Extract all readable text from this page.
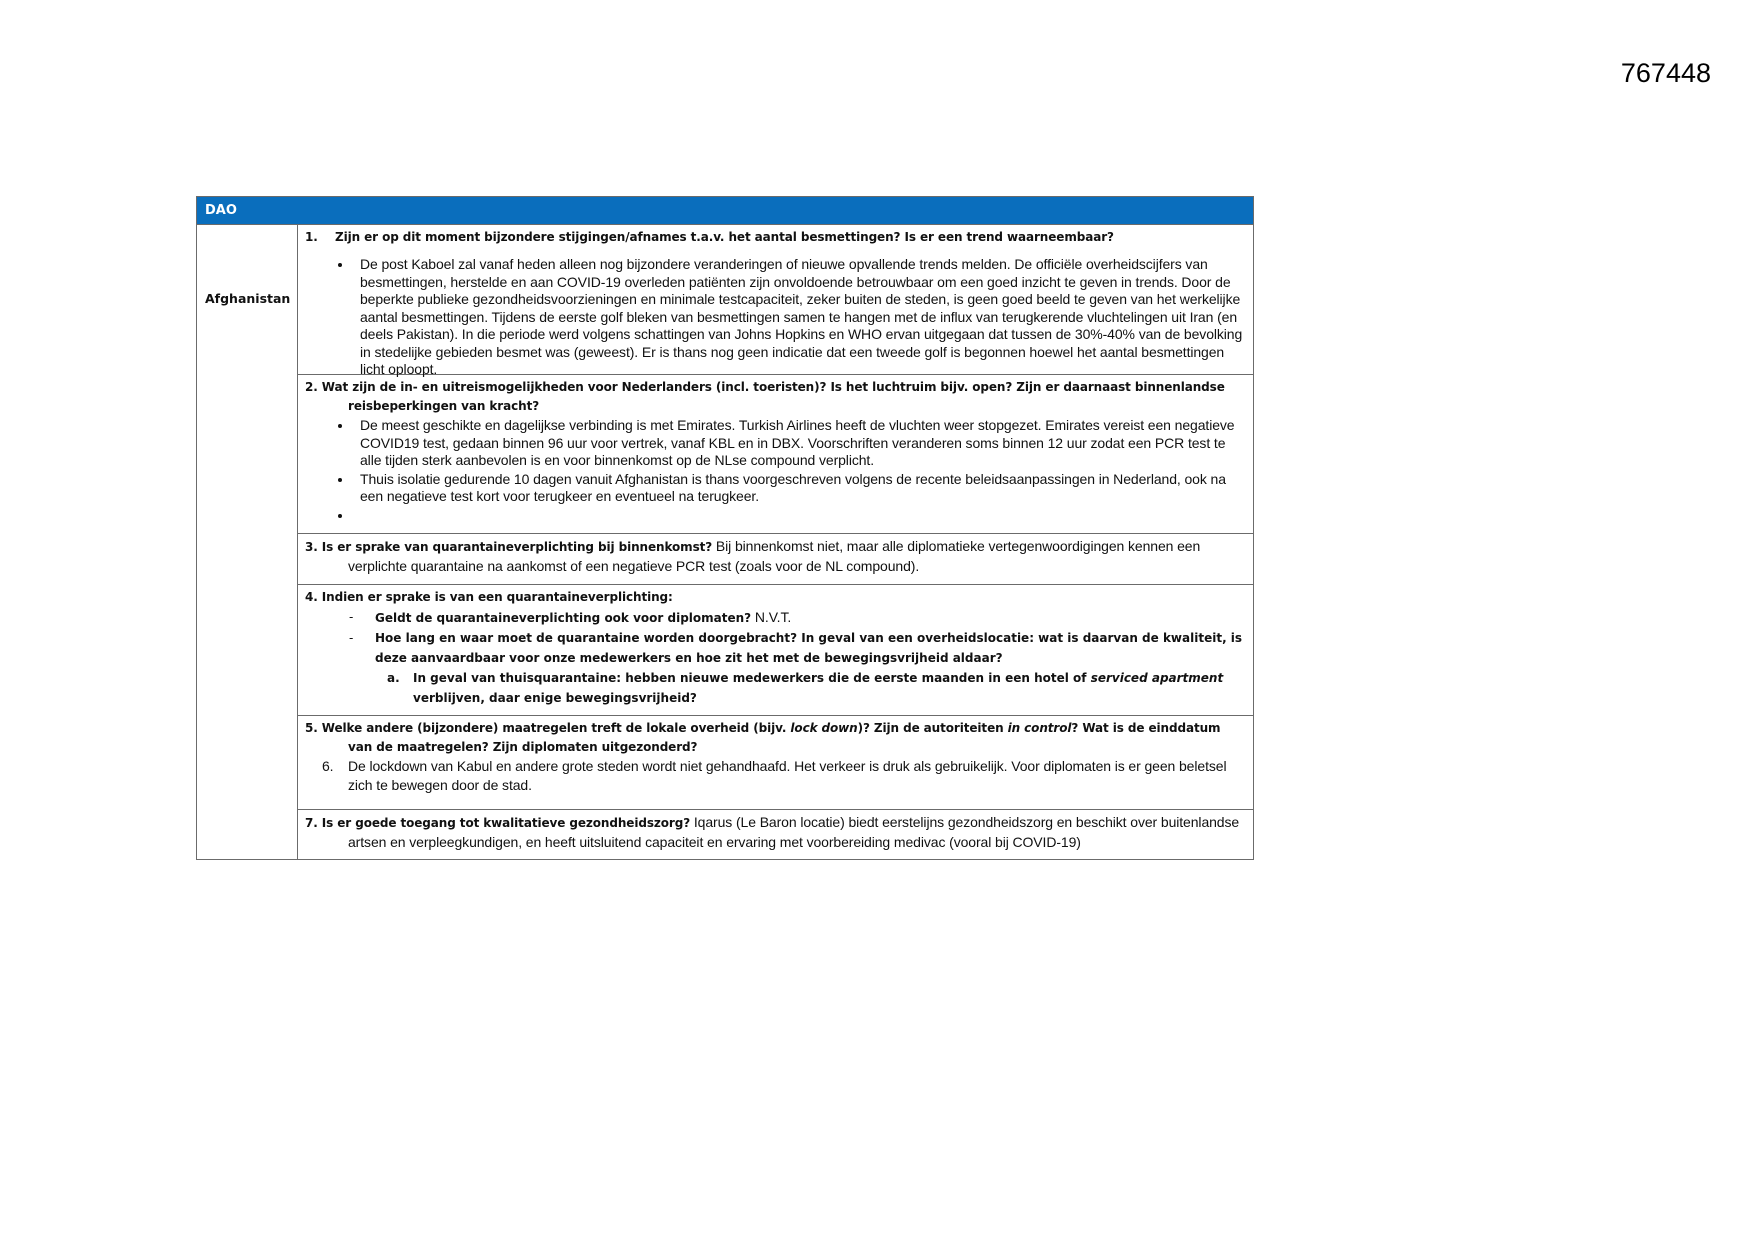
767448
DAO
Afghanistan
1. Zijn er op dit moment bijzondere stijgingen/afnames t.a.v. het aantal besmettingen? Is er een trend waarneembaar?
De post Kaboel zal vanaf heden alleen nog bijzondere veranderingen of nieuwe opvallende trends melden. De officiële overheidscijfers van besmettingen, herstelde en aan COVID-19 overleden patiënten zijn onvoldoende betrouwbaar om een goed inzicht te geven in trends. Door de beperkte publieke gezondheidsvoorzieningen en minimale testcapaciteit, zeker buiten de steden, is geen goed beeld te geven van het werkelijke aantal besmettingen. Tijdens de eerste golf bleken van besmettingen samen te hangen met de influx van terugkerende vluchtelingen uit Iran (en deels Pakistan). In die periode werd volgens schattingen van Johns Hopkins en WHO ervan uitgegaan dat tussen de 30%-40% van de bevolking in stedelijke gebieden besmet was (geweest). Er is thans nog geen indicatie dat een tweede golf is begonnen hoewel het aantal besmettingen licht oploopt.
2. Wat zijn de in- en uitreismogelijkheden voor Nederlanders (incl. toeristen)? Is het luchtruim bijv. open? Zijn er daarnaast binnenlandse reisbeperkingen van kracht?
De meest geschikte en dagelijkse verbinding is met Emirates. Turkish Airlines heeft de vluchten weer stopgezet. Emirates vereist een negatieve COVID19 test, gedaan binnen 96 uur voor vertrek, vanaf KBL en in DBX. Voorschriften veranderen soms binnen 12 uur zodat een PCR test te alle tijden sterk aanbevolen is en voor binnenkomst op de NLse compound verplicht.
Thuis isolatie gedurende 10 dagen vanuit Afghanistan is thans voorgeschreven volgens de recente beleidsaanpassingen in Nederland, ook na een negatieve test kort voor terugkeer en eventueel na terugkeer.

3. Is er sprake van quarantaineverplichting bij binnenkomst? Bij binnenkomst niet, maar alle diplomatieke vertegenwoordigingen kennen een verplichte quarantaine na aankomst of een negatieve PCR test (zoals voor de NL compound).
4. Indien er sprake is van een quarantaineverplichting:
- Geldt de quarantaineverplichting ook voor diplomaten? N.V.T.
- Hoe lang en waar moet de quarantaine worden doorgebracht? In geval van een overheidslocatie: wat is daarvan de kwaliteit, is deze aanvaardbaar voor onze medewerkers en hoe zit het met de bewegingsvrijheid aldaar?
a. In geval van thuisquarantaine: hebben nieuwe medewerkers die de eerste maanden in een hotel of serviced apartment verblijven, daar enige bewegingsvrijheid?
5. Welke andere (bijzondere) maatregelen treft de lokale overheid (bijv. lock down)? Zijn de autoriteiten in control? Wat is de einddatum van de maatregelen? Zijn diplomaten uitgezonderd?
6. De lockdown van Kabul en andere grote steden wordt niet gehandhaafd. Het verkeer is druk als gebruikelijk. Voor diplomaten is er geen beletsel zich te bewegen door de stad.
7. Is er goede toegang tot kwalitatieve gezondheidszorg? Iqarus (Le Baron locatie) biedt eerstelijns gezondheidszorg en beschikt over buitenlandse artsen en verpleegkundigen, en heeft uitsluitend capaciteit en ervaring met voorbereiding medivac (vooral bij COVID-19)
